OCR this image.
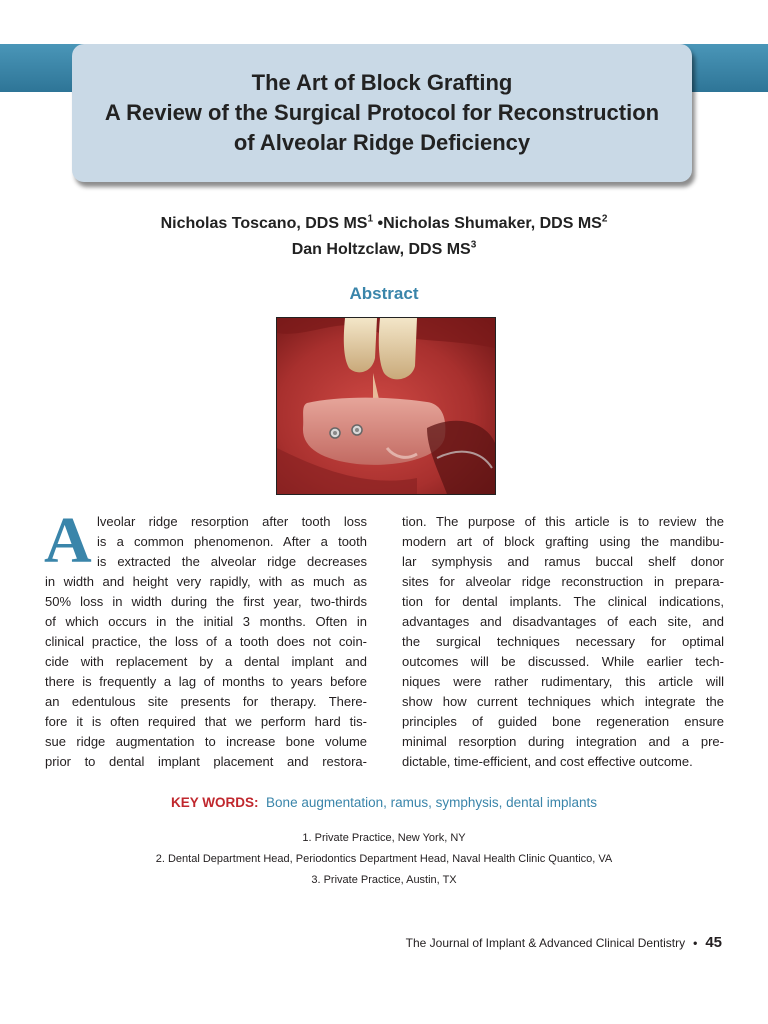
The Art of Block Grafting
A Review of the Surgical Protocol for Reconstruction
of Alveolar Ridge Deficiency
Nicholas Toscano, DDS $MS^1$ •Nicholas Shumaker, DDS $MS^2$
Dan Holtzclaw, DDS $MS^3$
Abstract
A lveolar ridge resorption after tooth loss
is a common phenomenon. After a tooth
is extracted the alveolar ridge decreases
in width and height very rapidly, with as much as
50% loss in width during the first year, two-thirds
of which occurs in the initial 3 months. Often in
clinical practice, the loss of a tooth does not coin-
cide with replacement by a dental implant and
there is frequently a lag of months to years before
an edentulous site presents for therapy. There-
fore it is often required that we perform hard tis-
sue ridge augmentation to increase bone volume
prior to dental implant placement and restora-
tion. The purpose of this article is to review the
modern art of block grafting using the mandibu-
lar symphysis and ramus buccal shelf donor
sites for alveolar ridge reconstruction in prepara-
tion for dental implants. The clinical indications,
advantages and disadvantages of each site, and
the surgical techniques necessary for optimal
outcomes will be discussed. While earlier tech-
niques were rather rudimentary, this article will
show how current techniques which integrate the
principles of guided bone regeneration ensure
minimal resorption during integration and a pre-
dictable, time-efficient, and cost effective outcome.
KEY WORDS: Bone augmentation, ramus, symphysis, dental implants
1. Private Practice, New York, NY
2. Dental Department Head, Periodontics Department Head, Naval Health Clinic Quantico, VA
3. Private Practice, Austin, TX
The Journal of Implant & Advanced Clinical Dentistry • 45
